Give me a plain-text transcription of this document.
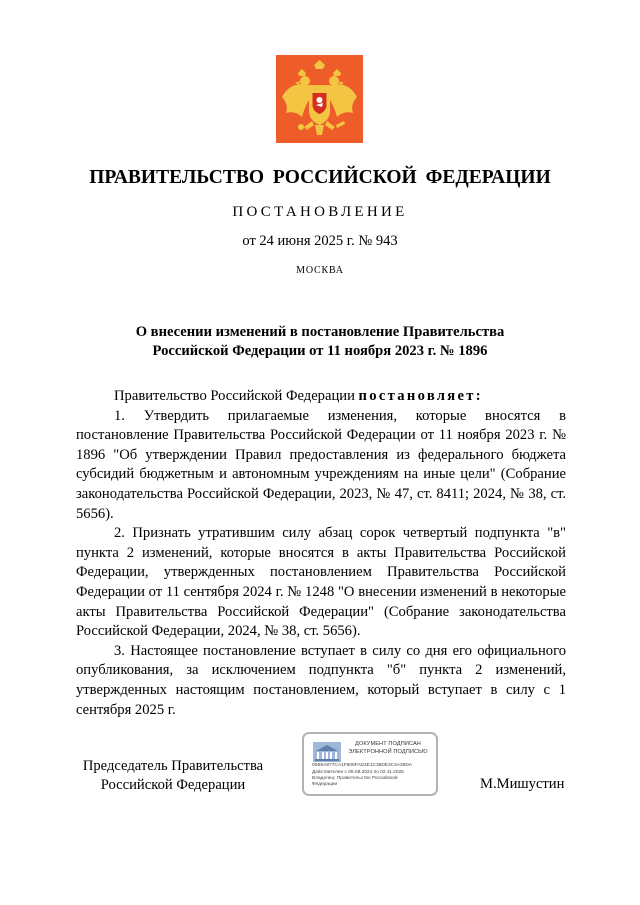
ПРАВИТЕЛЬСТВО РОССИЙСКОЙ ФЕДЕРАЦИИ
ПОСТАНОВЛЕНИЕ
от 24 июня 2025 г. № 943
МОСКВА
О внесении изменений в постановление Правительства
Российской Федерации от 11 ноября 2023 г. № 1896

Правительство Российской Федерации постановляет:

1. Утвердить прилагаемые изменения, которые вносятся в постановление Правительства Российской Федерации от 11 ноября 2023 г. № 1896 "Об утверждении Правил предоставления из федерального бюджета субсидий бюджетным и автономным учреждениям на иные цели" (Собрание законодательства Российской Федерации, 2023, № 47, ст. 8411; 2024, № 38, ст. 5656).

2. Признать утратившим силу абзац сорок четвертый подпункта "в" пункта 2 изменений, которые вносятся в акты Правительства Российской Федерации, утвержденных постановлением Правительства Российской Федерации от 11 сентября 2024 г. № 1248 "О внесении изменений в некоторые акты Правительства Российской Федерации" (Собрание законодательства Российской Федерации, 2024, № 38, ст. 5656).

3. Настоящее постановление вступает в силу со дня его официального опубликования, за исключением подпункта "б" пункта 2 изменений, утвержденных настоящим постановлением, который вступает в силу с 1 сентября 2025 г.

Председатель Правительства
Российской Федерации
ДОКУМЕНТ ПОДПИСАН
ЭЛЕКТРОННОЙ ПОДПИСЬЮ
00B5A877CA1F608FAD4E1C38DE3C4A28DA
Действителен с 09.08.2024 по 02.11.2025
Владелец: Правительство Российской
Федерации	М.Мишустин
